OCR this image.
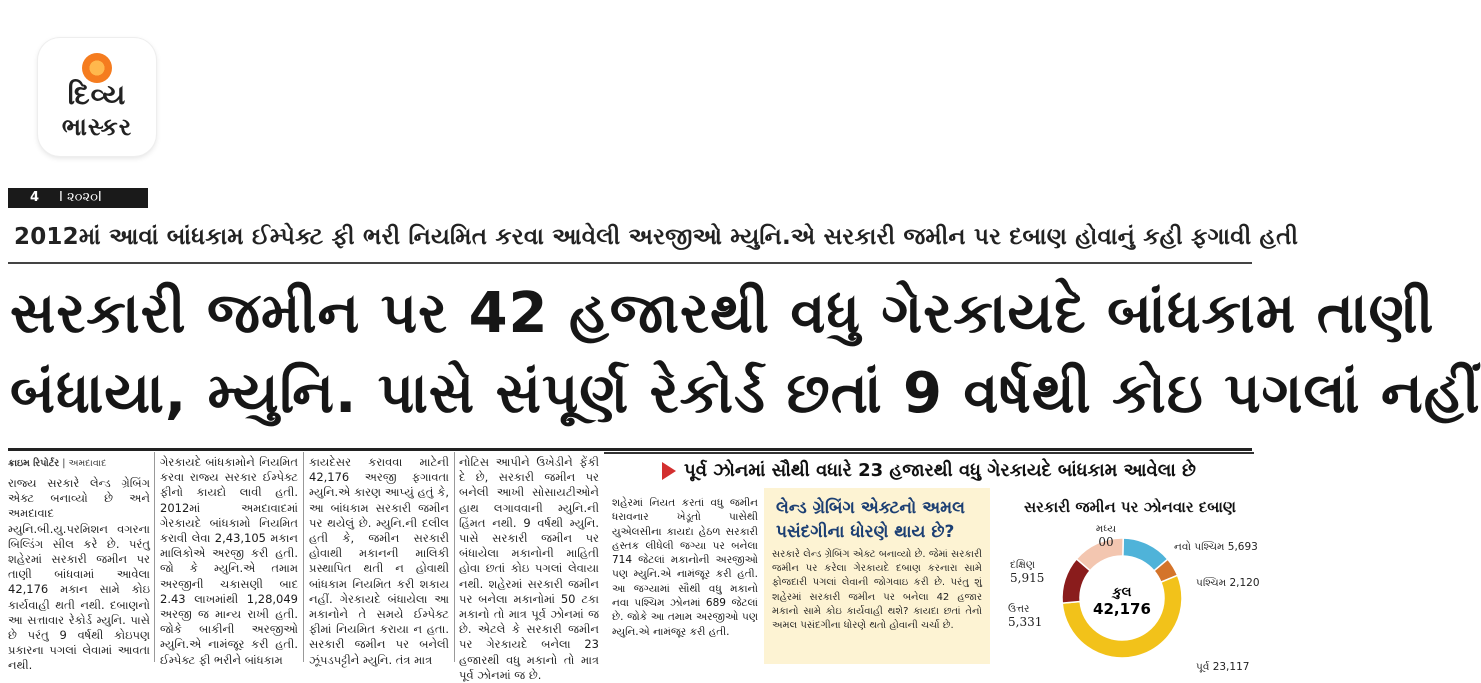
દિવ્ય
ભાસ્કર
4 I ૨૦૨૦I
2012માં આવાં બાંધકામ ઈમ્પેક્ટ ફી ભરી નિયમિત કરવા આવેલી અરજીઓ મ્યુનિ.એ સરકારી જમીન પર દબાણ હોવાનું કહી ફગાવી હતી
સરકારી જમીન પર 42 હજારથી વધુ ગેરકાયદે બાંધકામ તાણી
બંધાયા, મ્યુનિ. પાસે સંપૂર્ણ રેકોર્ડ છતાં 9 વર્ષથી કોઇ પગલાં નહીં
ક્રાઇમ રિપોર્ટર | અમદાવાદ

રાજ્ય સરકારે લેન્ડ ગ્રેબિંગ એક્ટ બનાવ્યો છે અને અમદાવાદ મ્યુનિ.બી.યુ.પરમિશન વગરના બિલ્ડિંગ સીલ કરે છે. પરંતુ શહેરમાં સરકારી જમીન પર તાણી બાંધવામાં આવેલા 42,176 મકાન સામે કોઇ કાર્યવાહી થતી નથી. દબાણનો આ સત્તાવાર રેકોર્ડ મ્યુનિ. પાસે છે પરંતુ 9 વર્ષથી કોઇપણ પ્રકારના પગલાં લેવામાં આવતા નથી.

ગેરકાયદે બાંધકામોને નિયમિત કરવા રાજ્ય સરકાર ઈમ્પેક્ટ ફીનો કાયદો લાવી હતી. 2012માં અમદાવાદમાં ગેરકાયદે બાંધકામો નિયમિત કરાવી લેવા 2,43,105 મકાન માલિકોએ અરજી કરી હતી. જો કે મ્યુનિ.એ તમામ અરજીની ચકાસણી બાદ 2.43 લાખમાંથી 1,28,049 અરજી જ માન્ય રાખી હતી. જોકે બાકીની અરજીઓ મ્યુનિ.એ નામંજૂર કરી હતી. ઈમ્પેક્ટ ફી ભરીને બાંધકામ

કાયદેસર કરાવવા માટેની 42,176 અરજી ફગાવતા મ્યુનિ.એ કારણ આપ્યું હતું કે, આ બાંધકામ સરકારી જમીન પર થયેલું છે. મ્યુનિ.ની દલીલ હતી કે, જમીન સરકારી હોવાથી મકાનની માલિકી પ્રસ્થાપિત થતી ન હોવાથી બાંધકામ નિયમિત કરી શકાય નહીં. ગેરકાયદે બંધાયેલા આ મકાનોને તે સમયે ઈમ્પેક્ટ ફીમાં નિયમિત કરાયા ન હતા. સરકારી જમીન પર બનેલી ઝૂંપડપટ્ટીને મ્યુનિ. તંત્ર માત્ર

નોટિસ આપીને ઉખેડીને ફેંકી દે છે, સરકારી જમીન પર બનેલી આખી સોસાયટીઓને હાથ લગાવવાની મ્યુનિ.ની હિંમત નથી. 9 વર્ષથી મ્યુનિ. પાસે સરકારી જમીન પર બંધાયેલા મકાનોની માહિતી હોવા છતાં કોઇ પગલાં લેવાયા નથી. શહેરમાં સરકારી જમીન પર બનેલા મકાનોમાં 50 ટકા મકાનો તો માત્ર પૂર્વ ઝોનમાં જ છે. એટલે કે સરકારી જમીન પર ગેરકાયદે બનેલા 23 હજારથી વધુ મકાનો તો માત્ર પૂર્વ ઝોનમાં જ છે.

પૂર્વ ઝોનમાં સૌથી વધારે 23 હજારથી વધુ ગેરકાયદે બાંધકામ આવેલા છે
શહેરમાં નિયત કરતાં વધુ જમીન ધરાવનાર ખેડૂતો પાસેથી યુએલસીના કાયદા હેઠળ સરકારી હસ્તક લીધેલી જગ્યા પર બનેલા 714 જેટલાં મકાનોની અરજીઓ પણ મ્યુનિ.એ નામંજૂર કરી હતી. આ જગ્યામાં સૌથી વધુ મકાનો નવા પશ્ચિમ ઝોનમાં 689 જેટલાં છે. જોકે આ તમામ અરજીઓ પણ મ્યુનિ.એ નામંજૂર કરી હતી.
લેન્ડ ગ્રેબિંગ એક્ટનો અમલ પસંદગીના ધોરણે થાય છે?

સરકારે લેન્ડ ગ્રેબિંગ એક્ટ બનાવ્યો છે. જેમાં સરકારી જમીન પર કરેલા ગેરકાયદે દબાણ કરનારા સામે ફોજદારી પગલાં લેવાની જોગવાઇ કરી છે. પરંતુ શું શહેરમાં સરકારી જમીન પર બનેલા 42 હજાર મકાનો સામે કોઇ કાર્યવાહી થશે? કાયદા છતાં તેનો અમલ પસંદગીના ધોરણે થતો હોવાની ચર્ચા છે.

સરકારી જમીન પર ઝોનવાર દબાણ
નવો પશ્ચિમ 5,693
પશ્ચિમ 2,120
પૂર્વ 23,117
ઉત્તર
5,331
દક્ષિણ
5,915
મધ્ય
00
કુલ
42,176
